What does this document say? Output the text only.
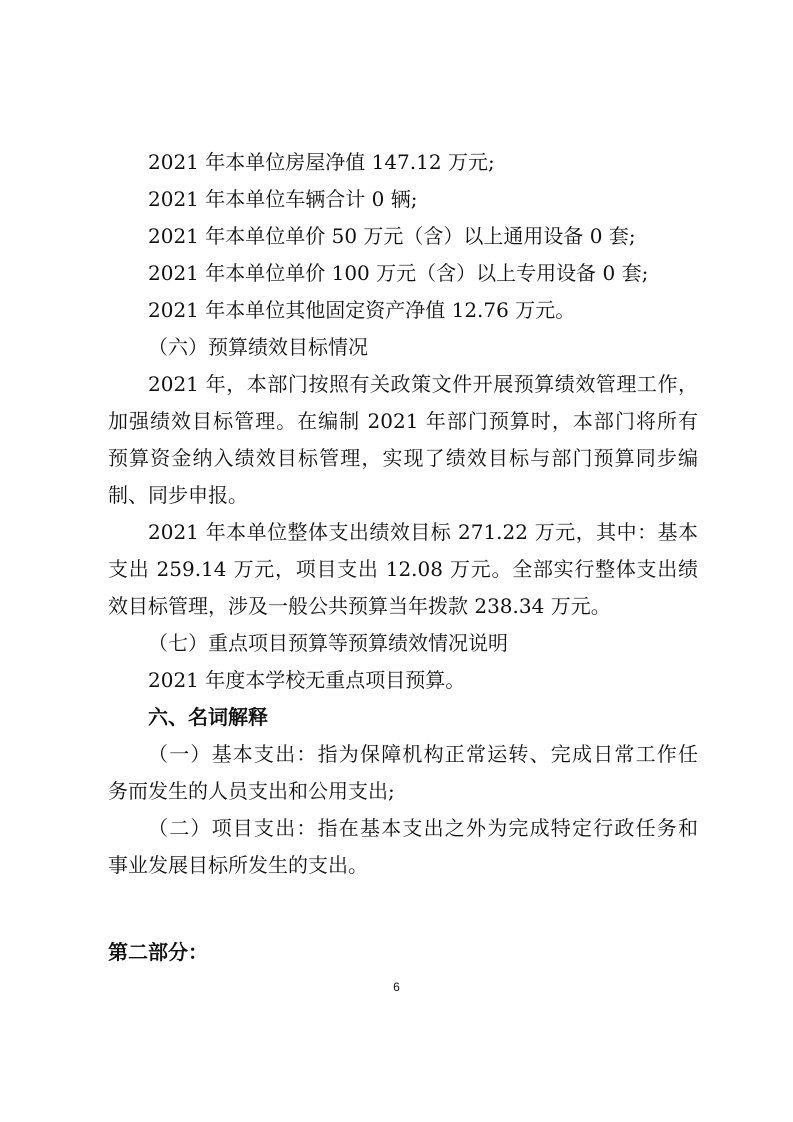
2021 年本单位房屋净值 147.12 万元;
2021 年本单位车辆合计 0 辆;
2021 年本单位单价 50 万元（含）以上通用设备 0 套;
2021 年本单位单价 100 万元（含）以上专用设备 0 套;
2021 年本单位其他固定资产净值 12.76 万元。
（六）预算绩效目标情况
2021 年，本部门按照有关政策文件开展预算绩效管理工作，
加强绩效目标管理。在编制 2021 年部门预算时，本部门将所有
预算资金纳入绩效目标管理，实现了绩效目标与部门预算同步编
制、同步申报。
2021 年本单位整体支出绩效目标 271.22 万元，其中：基本
支出 259.14 万元，项目支出 12.08 万元。全部实行整体支出绩
效目标管理，涉及一般公共预算当年拨款 238.34 万元。
（七）重点项目预算等预算绩效情况说明
2021 年度本学校无重点项目预算。
六、名词解释
（一）基本支出：指为保障机构正常运转、完成日常工作任
务而发生的人员支出和公用支出;
（二）项目支出：指在基本支出之外为完成特定行政任务和
事业发展目标所发生的支出。
第二部分：
6
